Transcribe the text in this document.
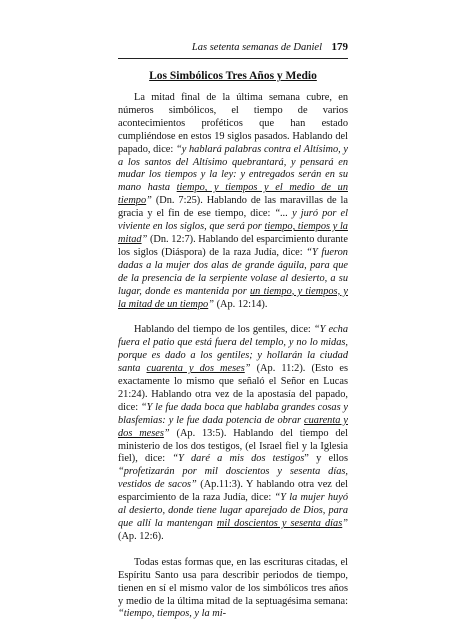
Las setenta semanas de Daniel 179
Los Simbólicos Tres Años y Medio

La mitad final de la última semana cubre, en números simbólicos, el tiempo de varios acontecimientos proféticos que han estado cumpliéndose en estos 19 siglos pasados. Hablando del papado, dice: “y hablará palabras contra el Altísimo, y a los santos del Altísimo quebrantará, y pensará en mudar los tiempos y la ley: y entregados serán en su mano hasta tiempo, y tiempos y el medio de un tiempo” (Dn. 7:25). Hablando de las maravillas de la gracia y el fin de ese tiempo, dice: “... y juró por el viviente en los siglos, que será por tiempo, tiempos y la mitad” (Dn. 12:7). Hablando del esparcimiento durante los siglos (Diáspora) de la raza Judía, dice: “Y fueron dadas a la mujer dos alas de grande águila, para que de la presencia de la serpiente volase al desierto, a su lugar, donde es mantenida por un tiempo, y tiempos, y la mitad de un tiempo” (Ap. 12:14).

Hablando del tiempo de los gentiles, dice: “Y echa fuera el patio que está fuera del templo, y no lo midas, porque es dado a los gentiles; y hollarán la ciudad santa cuarenta y dos meses” (Ap. 11:2). (Esto es exactamente lo mismo que señaló el Señor en Lucas 21:24). Hablando otra vez de la apostasía del papado, dice: “Y le fue dada boca que hablaba grandes cosas y blasfemias: y le fue dada potencia de obrar cuarenta y dos meses” (Ap. 13:5). Hablando del tiempo del ministerio de los dos testigos, (el Israel fiel y la Iglesia fiel), dice: “Y daré a mis dos testigos” y ellos “profetizarán por mil doscientos y sesenta días, vestidos de sacos” (Ap.11:3). Y hablando otra vez del esparcimiento de la raza Judía, dice: “Y la mujer huyó al desierto, donde tiene lugar aparejado de Dios, para que allí la mantengan mil doscientos y sesenta días” (Ap. 12:6).

Todas estas formas que, en las escrituras citadas, el Espíritu Santo usa para describir periodos de tiempo, tienen en sí el mismo valor de los simbólicos tres años y medio de la última mitad de la septuagésima semana: “tiempo, tiempos, y la mi-
